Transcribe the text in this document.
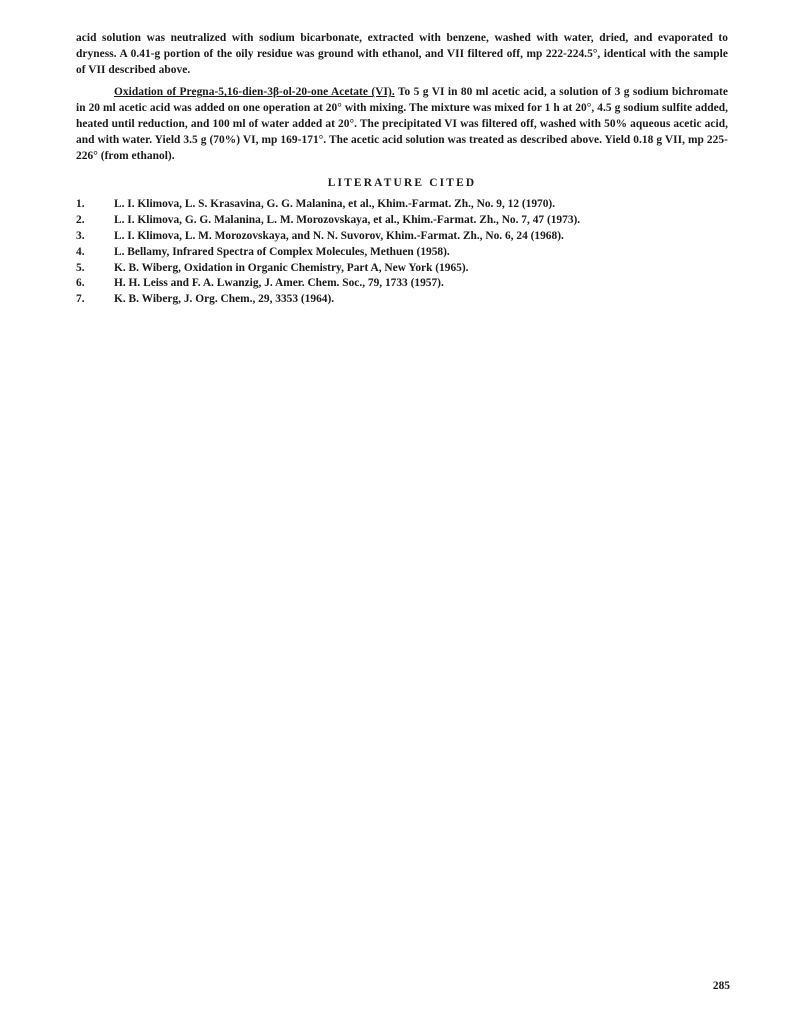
acid solution was neutralized with sodium bicarbonate, extracted with benzene, washed with water, dried, and evaporated to dryness. A 0.41-g portion of the oily residue was ground with ethanol, and VII filtered off, mp 222-224.5°, identical with the sample of VII described above.

Oxidation of Pregna-5,16-dien-3β-ol-20-one Acetate (VI). To 5 g VI in 80 ml acetic acid, a solution of 3 g sodium bichromate in 20 ml acetic acid was added on one operation at 20° with mixing. The mixture was mixed for 1 h at 20°, 4.5 g sodium sulfite added, heated until reduction, and 100 ml of water added at 20°. The precipitated VI was filtered off, washed with 50% aqueous acetic acid, and with water. Yield 3.5 g (70%) VI, mp 169-171°. The acetic acid solution was treated as described above. Yield 0.18 g VII, mp 225-226° (from ethanol).

LITERATURE CITED
1.	L. I. Klimova, L. S. Krasavina, G. G. Malanina, et al., Khim.-Farmat. Zh., No. 9, 12 (1970).
2.	L. I. Klimova, G. G. Malanina, L. M. Morozovskaya, et al., Khim.-Farmat. Zh., No. 7, 47 (1973).
3.	L. I. Klimova, L. M. Morozovskaya, and N. N. Suvorov, Khim.-Farmat. Zh., No. 6, 24 (1968).
4.	L. Bellamy, Infrared Spectra of Complex Molecules, Methuen (1958).
5.	K. B. Wiberg, Oxidation in Organic Chemistry, Part A, New York (1965).
6.	H. H. Leiss and F. A. Lwanzig, J. Amer. Chem. Soc., 79, 1733 (1957).
7.	K. B. Wiberg, J. Org. Chem., 29, 3353 (1964).
285
